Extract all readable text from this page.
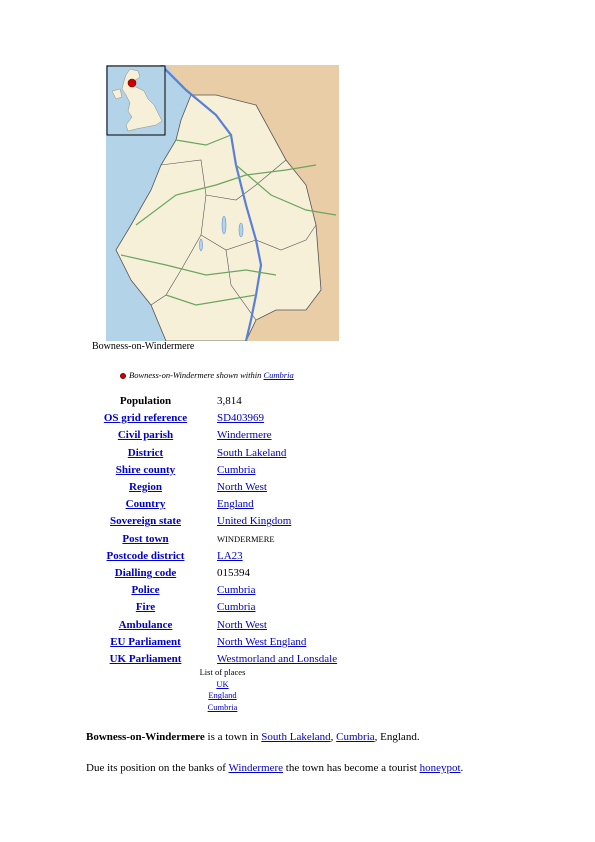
Bowness-on-Windermere
Bowness-on-Windermere shown within Cumbria
Population	3,814
OS grid reference	SD403969
Civil parish	Windermere
District	South Lakeland
Shire county	Cumbria
Region	North West
Country	England
Sovereign state	United Kingdom
Post town	WINDERMERE
Postcode district	LA23
Dialling code	015394
Police	Cumbria
Fire	Cumbria
Ambulance	North West
EU Parliament	North West England
UK Parliament	Westmorland and Lonsdale
List of places
UK
England
Cumbria

Bowness-on-Windermere is a town in South Lakeland, Cumbria, England.

Due its position on the banks of Windermere the town has become a tourist honeypot.
